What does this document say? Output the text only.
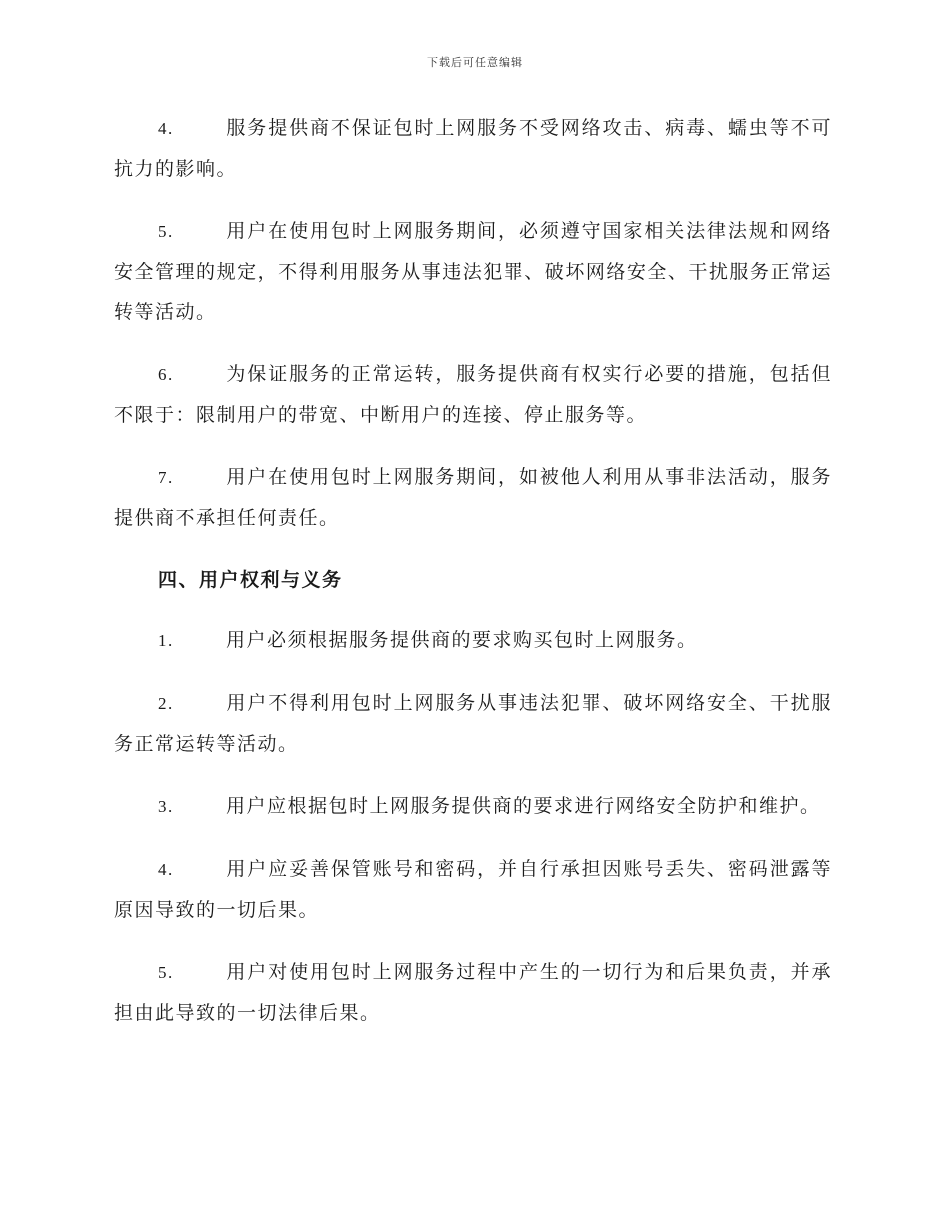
下载后可任意编辑

4.	服务提供商不保证包时上网服务不受网络攻击、病毒、蠕虫等不可抗力的影响。

5.	用户在使用包时上网服务期间，必须遵守国家相关法律法规和网络安全管理的规定，不得利用服务从事违法犯罪、破坏网络安全、干扰服务正常运转等活动。

6.	为保证服务的正常运转，服务提供商有权实行必要的措施，包括但不限于：限制用户的带宽、中断用户的连接、停止服务等。

7.	用户在使用包时上网服务期间，如被他人利用从事非法活动，服务提供商不承担任何责任。

四、用户权利与义务

1.	用户必须根据服务提供商的要求购买包时上网服务。

2.	用户不得利用包时上网服务从事违法犯罪、破坏网络安全、干扰服务正常运转等活动。

3.	用户应根据包时上网服务提供商的要求进行网络安全防护和维护。

4.	用户应妥善保管账号和密码，并自行承担因账号丢失、密码泄露等原因导致的一切后果。

5.	用户对使用包时上网服务过程中产生的一切行为和后果负责，并承担由此导致的一切法律后果。
